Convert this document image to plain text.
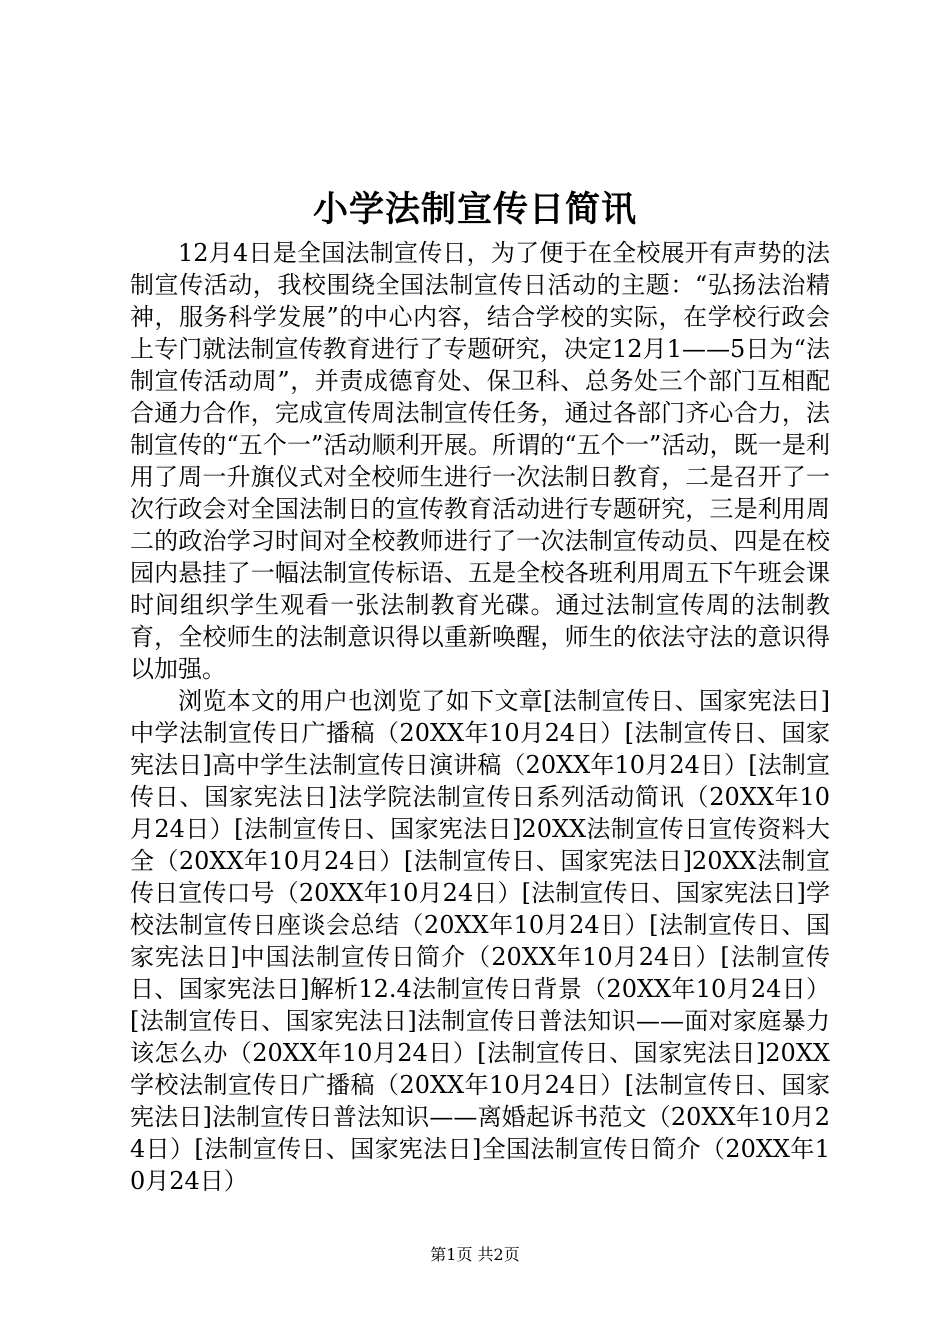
小学法制宣传日简讯

12月4日是全国法制宣传日，为了便于在全校展开有声势的法制宣传活动，我校围绕全国法制宣传日活动的主题：“弘扬法治精神，服务科学发展”的中心内容，结合学校的实际，在学校行政会上专门就法制宣传教育进行了专题研究，决定12月1——5日为“法制宣传活动周”，并责成德育处、保卫科、总务处三个部门互相配合通力合作，完成宣传周法制宣传任务，通过各部门齐心合力，法制宣传的“五个一”活动顺利开展。所谓的“五个一”活动，既一是利用了周一升旗仪式对全校师生进行一次法制日教育，二是召开了一次行政会对全国法制日的宣传教育活动进行专题研究，三是利用周二的政治学习时间对全校教师进行了一次法制宣传动员、四是在校园内悬挂了一幅法制宣传标语、五是全校各班利用周五下午班会课时间组织学生观看一张法制教育光碟。通过法制宣传周的法制教育，全校师生的法制意识得以重新唤醒，师生的依法守法的意识得以加强。

浏览本文的用户也浏览了如下文章[法制宣传日、国家宪法日]中学法制宣传日广播稿（20XX年10月24日）[法制宣传日、国家宪法日]高中学生法制宣传日演讲稿（20XX年10月24日）[法制宣传日、国家宪法日]法学院法制宣传日系列活动简讯（20XX年10月24日）[法制宣传日、国家宪法日]20XX法制宣传日宣传资料大全（20XX年10月24日）[法制宣传日、国家宪法日]20XX法制宣传日宣传口号（20XX年10月24日）[法制宣传日、国家宪法日]学校法制宣传日座谈会总结（20XX年10月24日）[法制宣传日、国家宪法日]中国法制宣传日简介（20XX年10月24日）[法制宣传日、国家宪法日]解析12.4法制宣传日背景（20XX年10月24日）[法制宣传日、国家宪法日]法制宣传日普法知识——面对家庭暴力该怎么办（20XX年10月24日）[法制宣传日、国家宪法日]20XX学校法制宣传日广播稿（20XX年10月24日）[法制宣传日、国家宪法日]法制宣传日普法知识——离婚起诉书范文（20XX年10月24日）[法制宣传日、国家宪法日]全国法制宣传日简介（20XX年10月24日）

第1页 共2页
